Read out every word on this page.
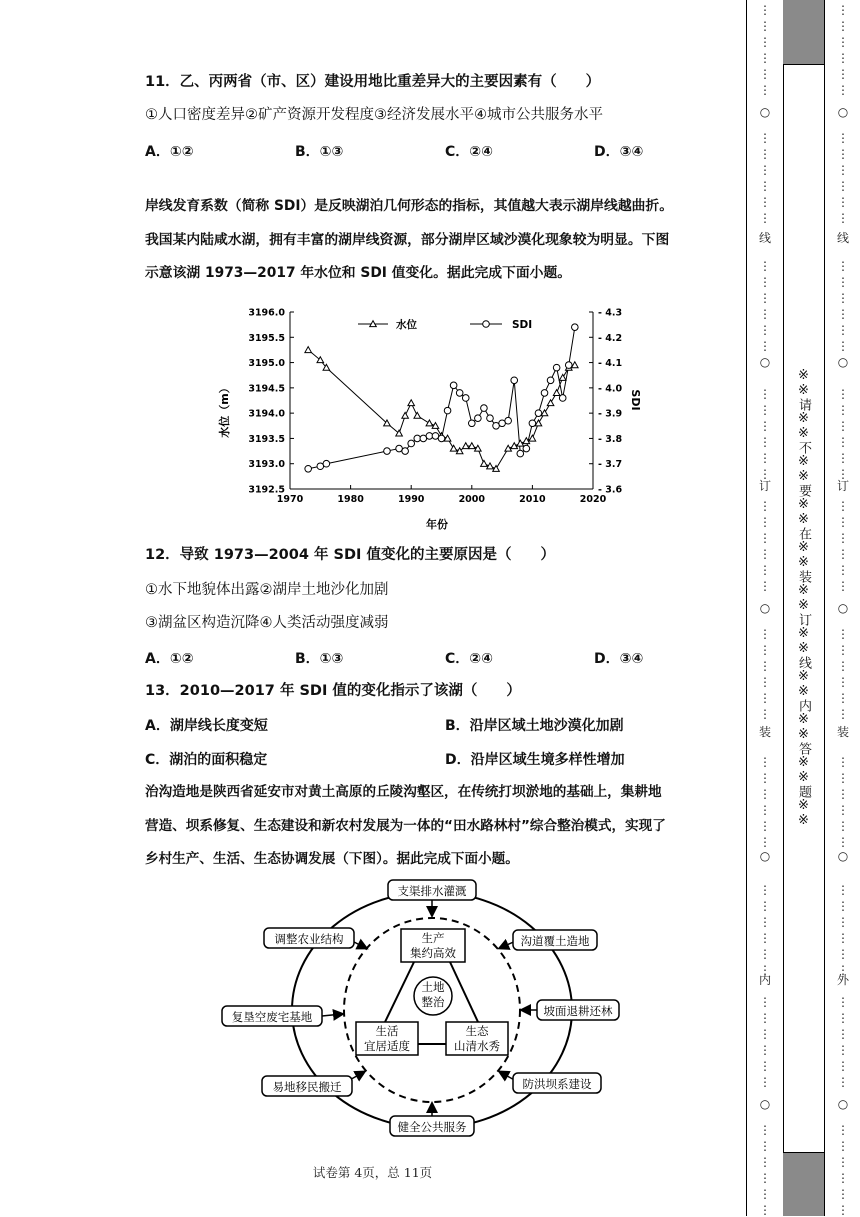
11．乙、丙两省（市、区）建设用地比重差异大的主要因素有（　　）
①人口密度差异②矿产资源开发程度③经济发展水平④城市公共服务水平
A．①②	B．①③	C．②④	D．③④
岸线发育系数（简称 SDI）是反映湖泊几何形态的指标，其值越大表示湖岸线越曲折。
我国某内陆咸水湖，拥有丰富的湖岸线资源，部分湖岸区域沙漠化现象较为明显。下图
示意该湖 1973—2017 年水位和 SDI 值变化。据此完成下面小题。
1970	1980	1990	2000	2010	2020
3192.5
3193.0
3193.5
3194.0
3194.5
3195.0
3195.5
3196.0
- 3.6
- 3.7
- 3.8
- 3.9
- 4.0
- 4.1
- 4.2
- 4.3
水位	SDI
年份
水位（m）	SDI
12．导致 1973—2004 年 SDI 值变化的主要原因是（　　）
①水下地貌体出露②湖岸土地沙化加剧
③湖盆区构造沉降④人类活动强度减弱
A．①②	B．①③	C．②④	D．③④
13．2010—2017 年 SDI 值的变化指示了该湖（　　）
A．湖岸线长度变短	B．沿岸区域土地沙漠化加剧
C．湖泊的面积稳定	D．沿岸区域生境多样性增加
治沟造地是陕西省延安市对黄土高原的丘陵沟壑区，在传统打坝淤地的基础上，集耕地
营造、坝系修复、生态建设和新农村发展为一体的“田水路林村”综合整治模式，实现了
乡村生产、生活、生态协调发展（下图）。据此完成下面小题。
土地
整治
生产
集约高效
生活
宜居适度
生态
山清水秀
支渠排水灌溉
沟道覆土造地
坡面退耕还林
防洪坝系建设
健全公共服务
易地移民搬迁
复垦空废宅基地
调整农业结构
试卷第 4页，总 11页
⋮
⋮
⋮
⋮
⋮
⋮
⋮
⋮
⋮
⋮
⋮
⋮
⋮
⋮
⋮
⋮
⋮
⋮
⋮
⋮
⋮
⋮
⋮
⋮
⋮
⋮
⋮
⋮
⋮
⋮
⋮
⋮
⋮
⋮
⋮
⋮
⋮
⋮
⋮
⋮
⋮
⋮
⋮
⋮
⋮
⋮
⋮
⋮
⋮
⋮
⋮
⋮
⋮
⋮
⋮
⋮
⋮
⋮
⋮
⋮
○
○
○
○
○
线
订
装
内
⋮
⋮
⋮
⋮
⋮
⋮
⋮
⋮
⋮
⋮
⋮
⋮
⋮
⋮
⋮
⋮
⋮
⋮
⋮
⋮
⋮
⋮
⋮
⋮
⋮
⋮
⋮
⋮
⋮
⋮
⋮
⋮
⋮
⋮
⋮
⋮
⋮
⋮
⋮
⋮
⋮
⋮
⋮
⋮
⋮
⋮
⋮
⋮
⋮
⋮
⋮
⋮
⋮
⋮
⋮
⋮
⋮
⋮
⋮
⋮
○
○
○
○
○
线
订
装
外
※※请※※不※※要※※在※※装※※订※※线※※内※※答※※题※※
